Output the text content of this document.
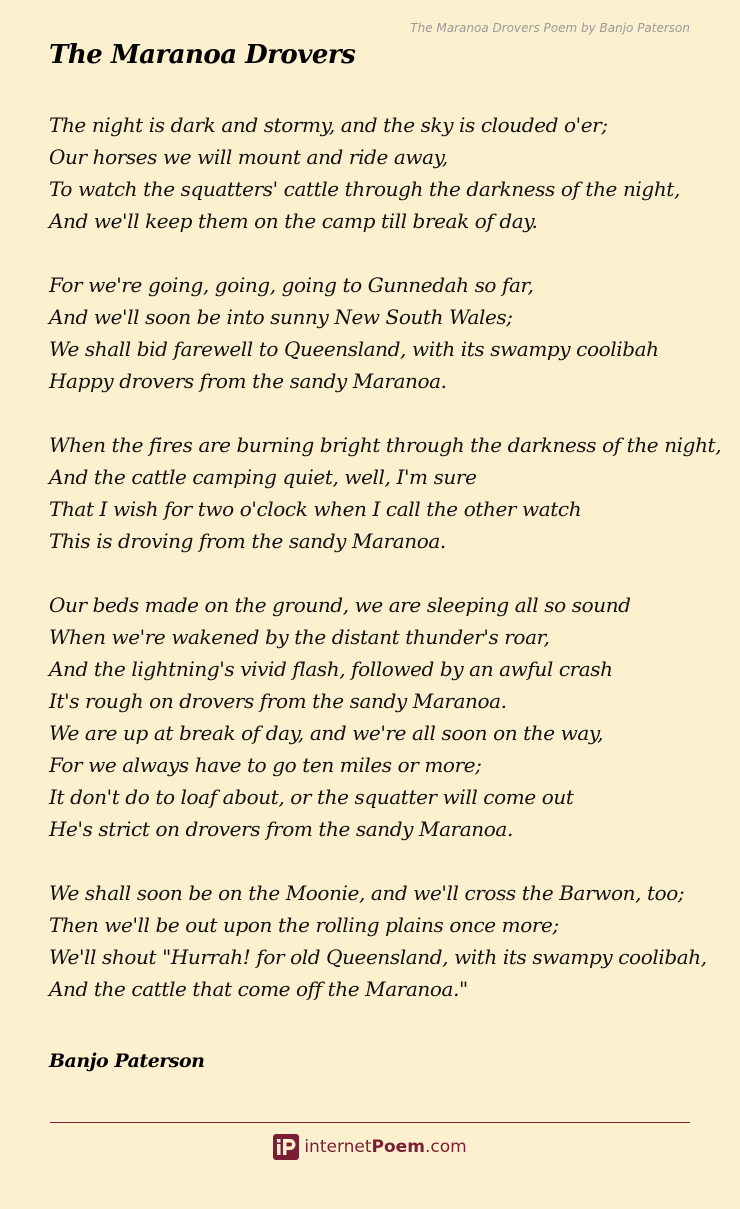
The Maranoa Drovers Poem by Banjo Paterson
The Maranoa Drovers
The night is dark and stormy, and the sky is clouded o'er;
Our horses we will mount and ride away,
To watch the squatters' cattle through the darkness of the night,
And we'll keep them on the camp till break of day.
For we're going, going, going to Gunnedah so far,
And we'll soon be into sunny New South Wales;
We shall bid farewell to Queensland, with its swampy coolibah
Happy drovers from the sandy Maranoa.
When the fires are burning bright through the darkness of the night,
And the cattle camping quiet, well, I'm sure
That I wish for two o'clock when I call the other watch
This is droving from the sandy Maranoa.
Our beds made on the ground, we are sleeping all so sound
When we're wakened by the distant thunder's roar,
And the lightning's vivid flash, followed by an awful crash
It's rough on drovers from the sandy Maranoa.
We are up at break of day, and we're all soon on the way,
For we always have to go ten miles or more;
It don't do to loaf about, or the squatter will come out
He's strict on drovers from the sandy Maranoa.
We shall soon be on the Moonie, and we'll cross the Barwon, too;
Then we'll be out upon the rolling plains once more;
We'll shout "Hurrah! for old Queensland, with its swampy coolibah,
And the cattle that come off the Maranoa."
Banjo Paterson
internetPoem.com
